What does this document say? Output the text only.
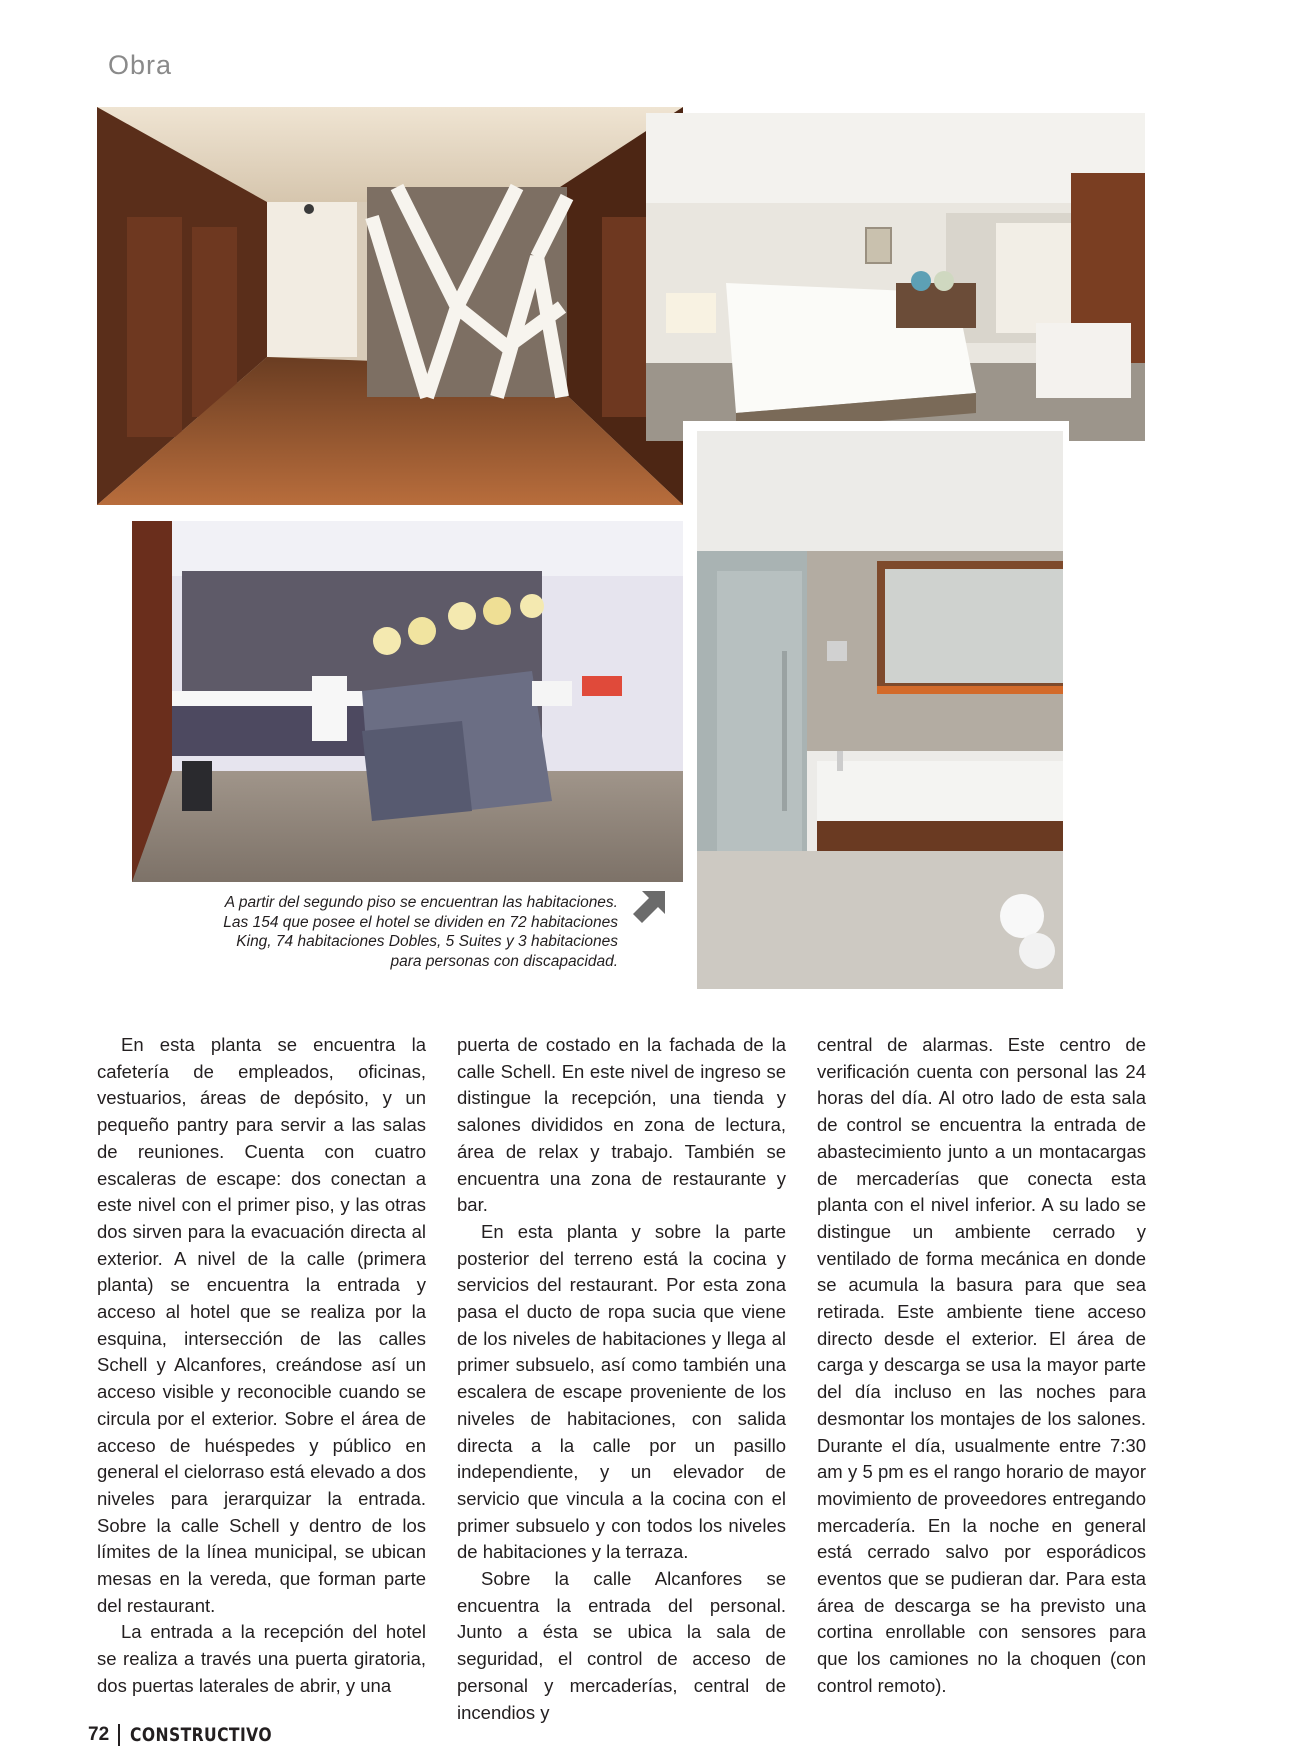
Obra

A partir del segundo piso se encuentran las habitaciones. Las 154 que posee el hotel se dividen en 72 habitaciones King, 74 habitaciones Dobles, 5 Suites y 3 habitaciones para personas con discapacidad.

En esta planta se encuentra la cafetería de empleados, oficinas, vestuarios, áreas de depósito, y un pequeño pantry para servir a las salas de reuniones. Cuenta con cuatro escaleras de escape: dos conectan a este nivel con el primer piso, y las otras dos sirven para la evacuación directa al exterior. A nivel de la calle (primera planta) se encuentra la entrada y acceso al hotel que se realiza por la esquina, intersección de las calles Schell y Alcanfores, creándose así un acceso visible y reconocible cuando se circula por el exterior. Sobre el área de acceso de huéspedes y público en general el cielorraso está elevado a dos niveles para jerarquizar la entrada. Sobre la calle Schell y dentro de los límites de la línea municipal, se ubican mesas en la vereda, que forman parte del restaurant.

La entrada a la recepción del hotel se realiza a través una puerta giratoria, dos puertas laterales de abrir, y una

puerta de costado en la fachada de la calle Schell. En este nivel de ingreso se distingue la recepción, una tienda y salones divididos en zona de lectura, área de relax y trabajo. También se encuentra una zona de restaurante y bar.

En esta planta y sobre la parte posterior del terreno está la cocina y servicios del restaurant. Por esta zona pasa el ducto de ropa sucia que viene de los niveles de habitaciones y llega al primer subsuelo, así como también una escalera de escape proveniente de los niveles de habitaciones, con salida directa a la calle por un pasillo independiente, y un elevador de servicio que vincula a la cocina con el primer subsuelo y con todos los niveles de habitaciones y la terraza.

Sobre la calle Alcanfores se encuentra la entrada del personal. Junto a ésta se ubica la sala de seguridad, el control de acceso de personal y mercaderías, central de incendios y

central de alarmas. Este centro de verificación cuenta con personal las 24 horas del día. Al otro lado de esta sala de control se encuentra la entrada de abastecimiento junto a un montacargas de mercaderías que conecta esta planta con el nivel inferior. A su lado se distingue un ambiente cerrado y ventilado de forma mecánica en donde se acumula la basura para que sea retirada. Este ambiente tiene acceso directo desde el exterior. El área de carga y descarga se usa la mayor parte del día incluso en las noches para desmontar los montajes de los salones. Durante el día, usualmente entre 7:30 am y 5 pm es el rango horario de mayor movimiento de proveedores entregando mercadería. En la noche en general está cerrado salvo por esporádicos eventos que se pudieran dar. Para esta área de descarga se ha previsto una cortina enrollable con sensores para que los camiones no la choquen (con control remoto).

72 CONSTRUCTIVO
